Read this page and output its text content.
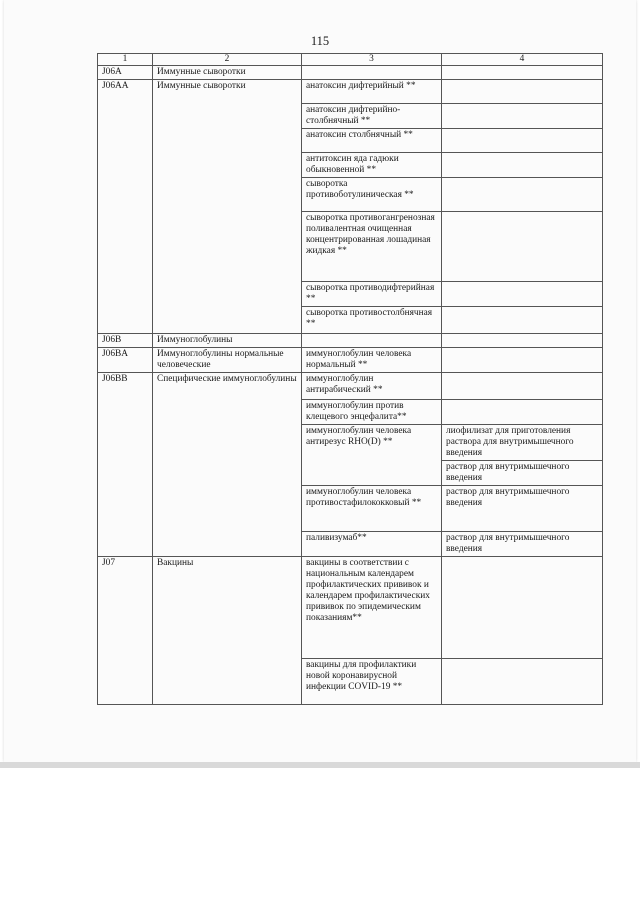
115
1	2	3	4
J06A	Иммунные сыворотки		
J06AA	Иммунные сыворотки	анатоксин дифтерийный **	
		анатоксин дифтерийно-столбнячный **	
		анатоксин столбнячный **	
		антитоксин яда гадюки обыкновенной **	
		сыворотка противоботулиническая **	
		сыворотка противогангренозная поливалентная очищенная концентрированная лошадиная жидкая **	
		сыворотка противодифтерийная **	
		сыворотка противостолбнячная **	
J06B	Иммуноглобулины		
J06BA	Иммуноглобулины нормальные человеческие	иммуноглобулин человека нормальный **	
J06BB	Специфические иммуноглобулины	иммуноглобулин антирабический **	
		иммуноглобулин против клещевого энцефалита**	
		иммуноглобулин человека антирезус RHO(D) **	лиофилизат для приготовления раствора для внутримышечного введения
			раствор для внутримышечного введения
		иммуноглобулин человека противостафилококковый **	раствор для внутримышечного введения
		паливизумаб**	раствор для внутримышечного введения
J07	Вакцины	вакцины в соответствии с национальным календарем профилактических прививок и календарем профилактических прививок по эпидемическим показаниям**	
		вакцины для профилактики новой коронавирусной инфекции COVID-19 **	
